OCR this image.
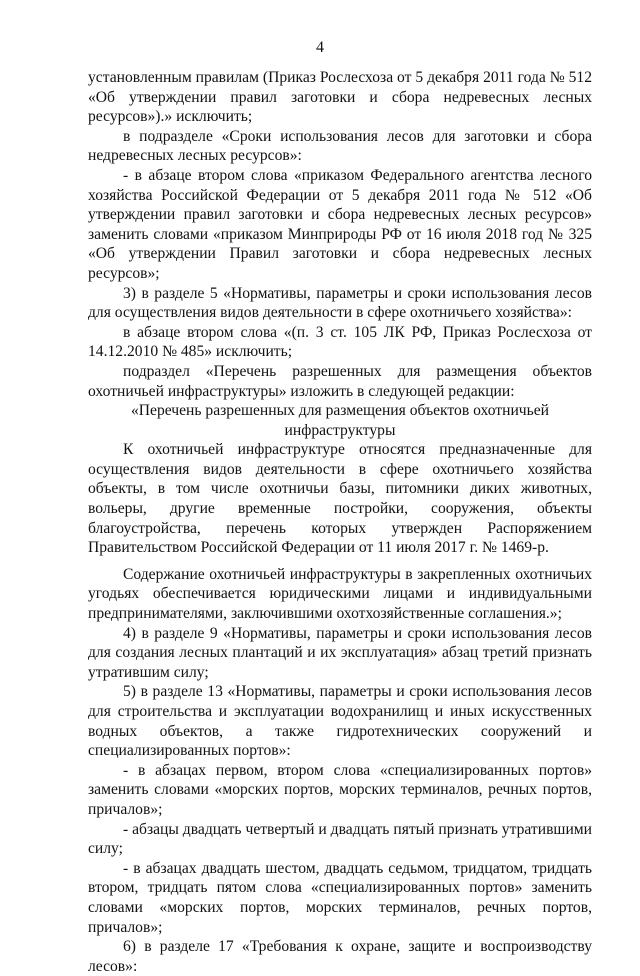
4

установленным правилам (Приказ Рослесхоза от 5 декабря 2011 года № 512 «Об утверждении правил заготовки и сбора недревесных лесных ресурсов»).» исключить;

в подразделе «Сроки использования лесов для заготовки и сбора недревесных лесных ресурсов»:

- в абзаце втором слова «приказом Федерального агентства лесного хозяйства Российской Федерации от 5 декабря 2011 года № 512 «Об утверждении правил заготовки и сбора недревесных лесных ресурсов» заменить словами «приказом Минприроды РФ от 16 июля 2018 год № 325 «Об утверждении Правил заготовки и сбора недревесных лесных ресурсов»;

3) в разделе 5 «Нормативы, параметры и сроки использования лесов для осуществления видов деятельности в сфере охотничьего хозяйства»:

в абзаце втором слова «(п. 3 ст. 105 ЛК РФ, Приказ Рослесхоза от 14.12.2010 № 485» исключить;

подраздел «Перечень разрешенных для размещения объектов охотничьей инфраструктуры» изложить в следующей редакции:

«Перечень разрешенных для размещения объектов охотничьей

инфраструктуры

К охотничьей инфраструктуре относятся предназначенные для осуществления видов деятельности в сфере охотничьего хозяйства объекты, в том числе охотничьи базы, питомники диких животных, вольеры, другие временные постройки, сооружения, объекты благоустройства, перечень которых утвержден Распоряжением Правительством Российской Федерации от 11 июля 2017 г. № 1469-р.

Содержание охотничьей инфраструктуры в закрепленных охотничьих угодьях обеспечивается юридическими лицами и индивидуальными предпринимателями, заключившими охотхозяйственные соглашения.»;

4) в разделе 9 «Нормативы, параметры и сроки использования лесов для создания лесных плантаций и их эксплуатация» абзац третий признать утратившим силу;

5) в разделе 13 «Нормативы, параметры и сроки использования лесов для строительства и эксплуатации водохранилищ и иных искусственных водных объектов, а также гидротехнических сооружений и специализированных портов»:

- в абзацах первом, втором слова «специализированных портов» заменить словами «морских портов, морских терминалов, речных портов, причалов»;

- абзацы двадцать четвертый и двадцать пятый признать утратившими силу;

- в абзацах двадцать шестом, двадцать седьмом, тридцатом, тридцать втором, тридцать пятом слова «специализированных портов» заменить словами «морских портов, морских терминалов, речных портов, причалов»;

6) в разделе 17 «Требования к охране, защите и воспроизводству лесов»:
